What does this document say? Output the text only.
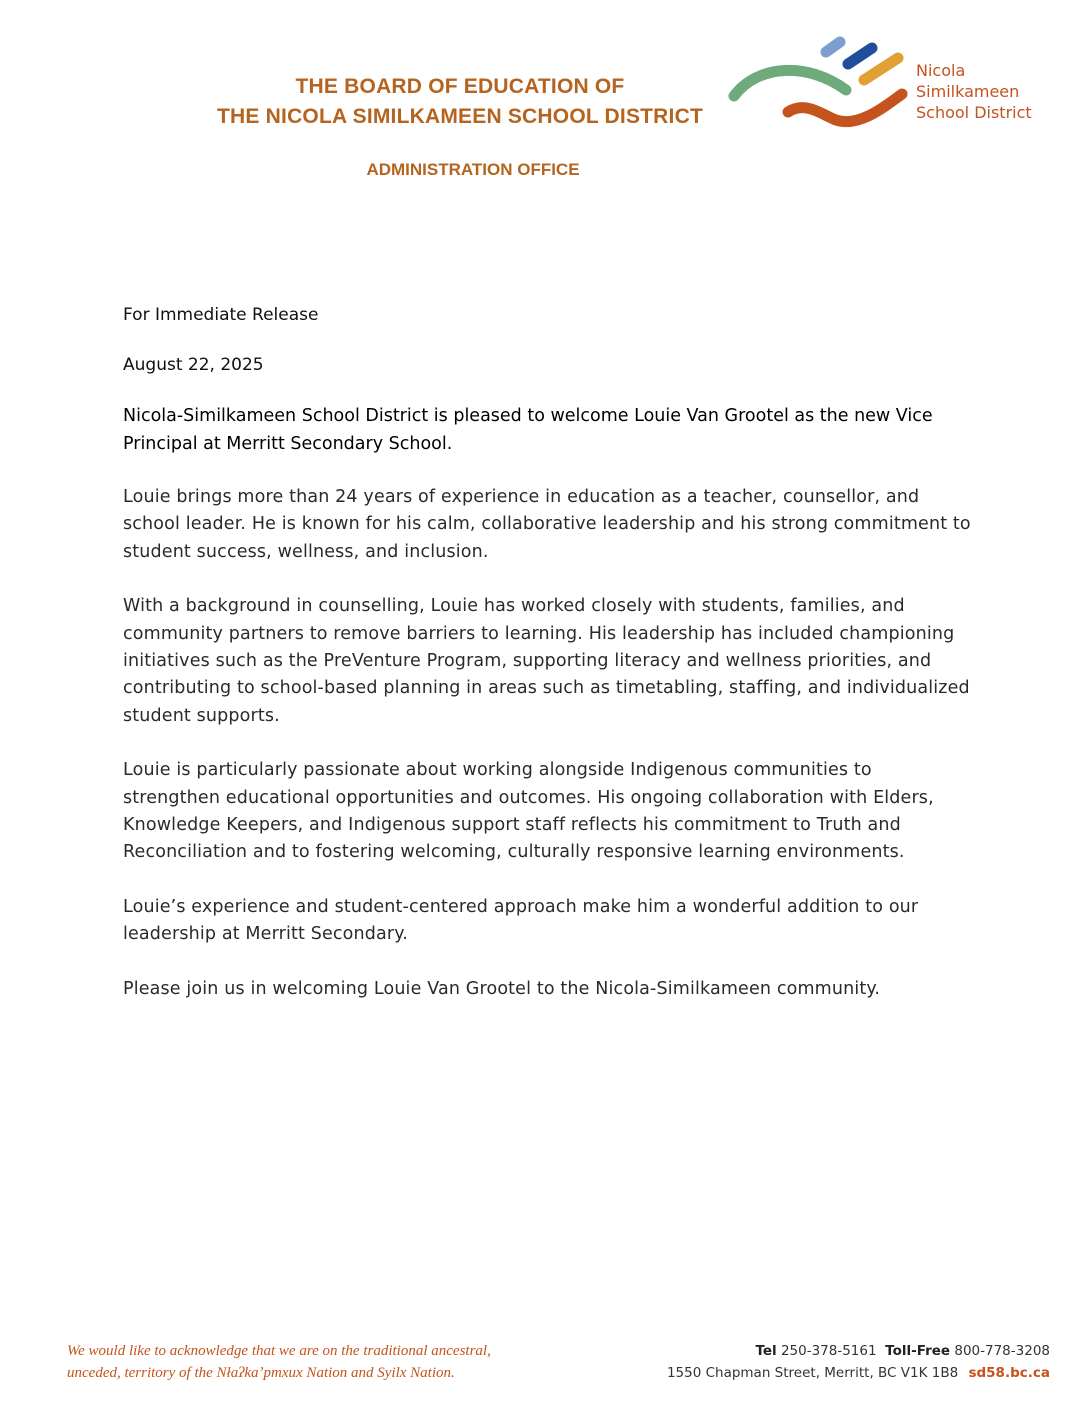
THE BOARD OF EDUCATION OF
THE NICOLA SIMILKAMEEN SCHOOL DISTRICT
ADMINISTRATION OFFICE
Nicola
Similkameen
School District

For Immediate Release

August 22, 2025

Nicola-Similkameen School District is pleased to welcome Louie Van Grootel as the new Vice Principal at Merritt Secondary School.

Louie brings more than 24 years of experience in education as a teacher, counsellor, and school leader. He is known for his calm, collaborative leadership and his strong commitment to student success, wellness, and inclusion.

With a background in counselling, Louie has worked closely with students, families, and community partners to remove barriers to learning. His leadership has included championing initiatives such as the PreVenture Program, supporting literacy and wellness priorities, and contributing to school-based planning in areas such as timetabling, staffing, and individualized student supports.

Louie is particularly passionate about working alongside Indigenous communities to strengthen educational opportunities and outcomes. His ongoing collaboration with Elders, Knowledge Keepers, and Indigenous support staff reflects his commitment to Truth and Reconciliation and to fostering welcoming, culturally responsive learning environments.

Louie’s experience and student-centered approach make him a wonderful addition to our leadership at Merritt Secondary.

Please join us in welcoming Louie Van Grootel to the Nicola-Similkameen community.

We would like to acknowledge that we are on the traditional ancestral,
unceded, territory of the Nłaʔkaʼpmxux Nation and Syilx Nation.
Tel 250-378-5161 Toll-Free 800-778-3208
1550 Chapman Street, Merritt, BC V1K 1B8 sd58.bc.ca
